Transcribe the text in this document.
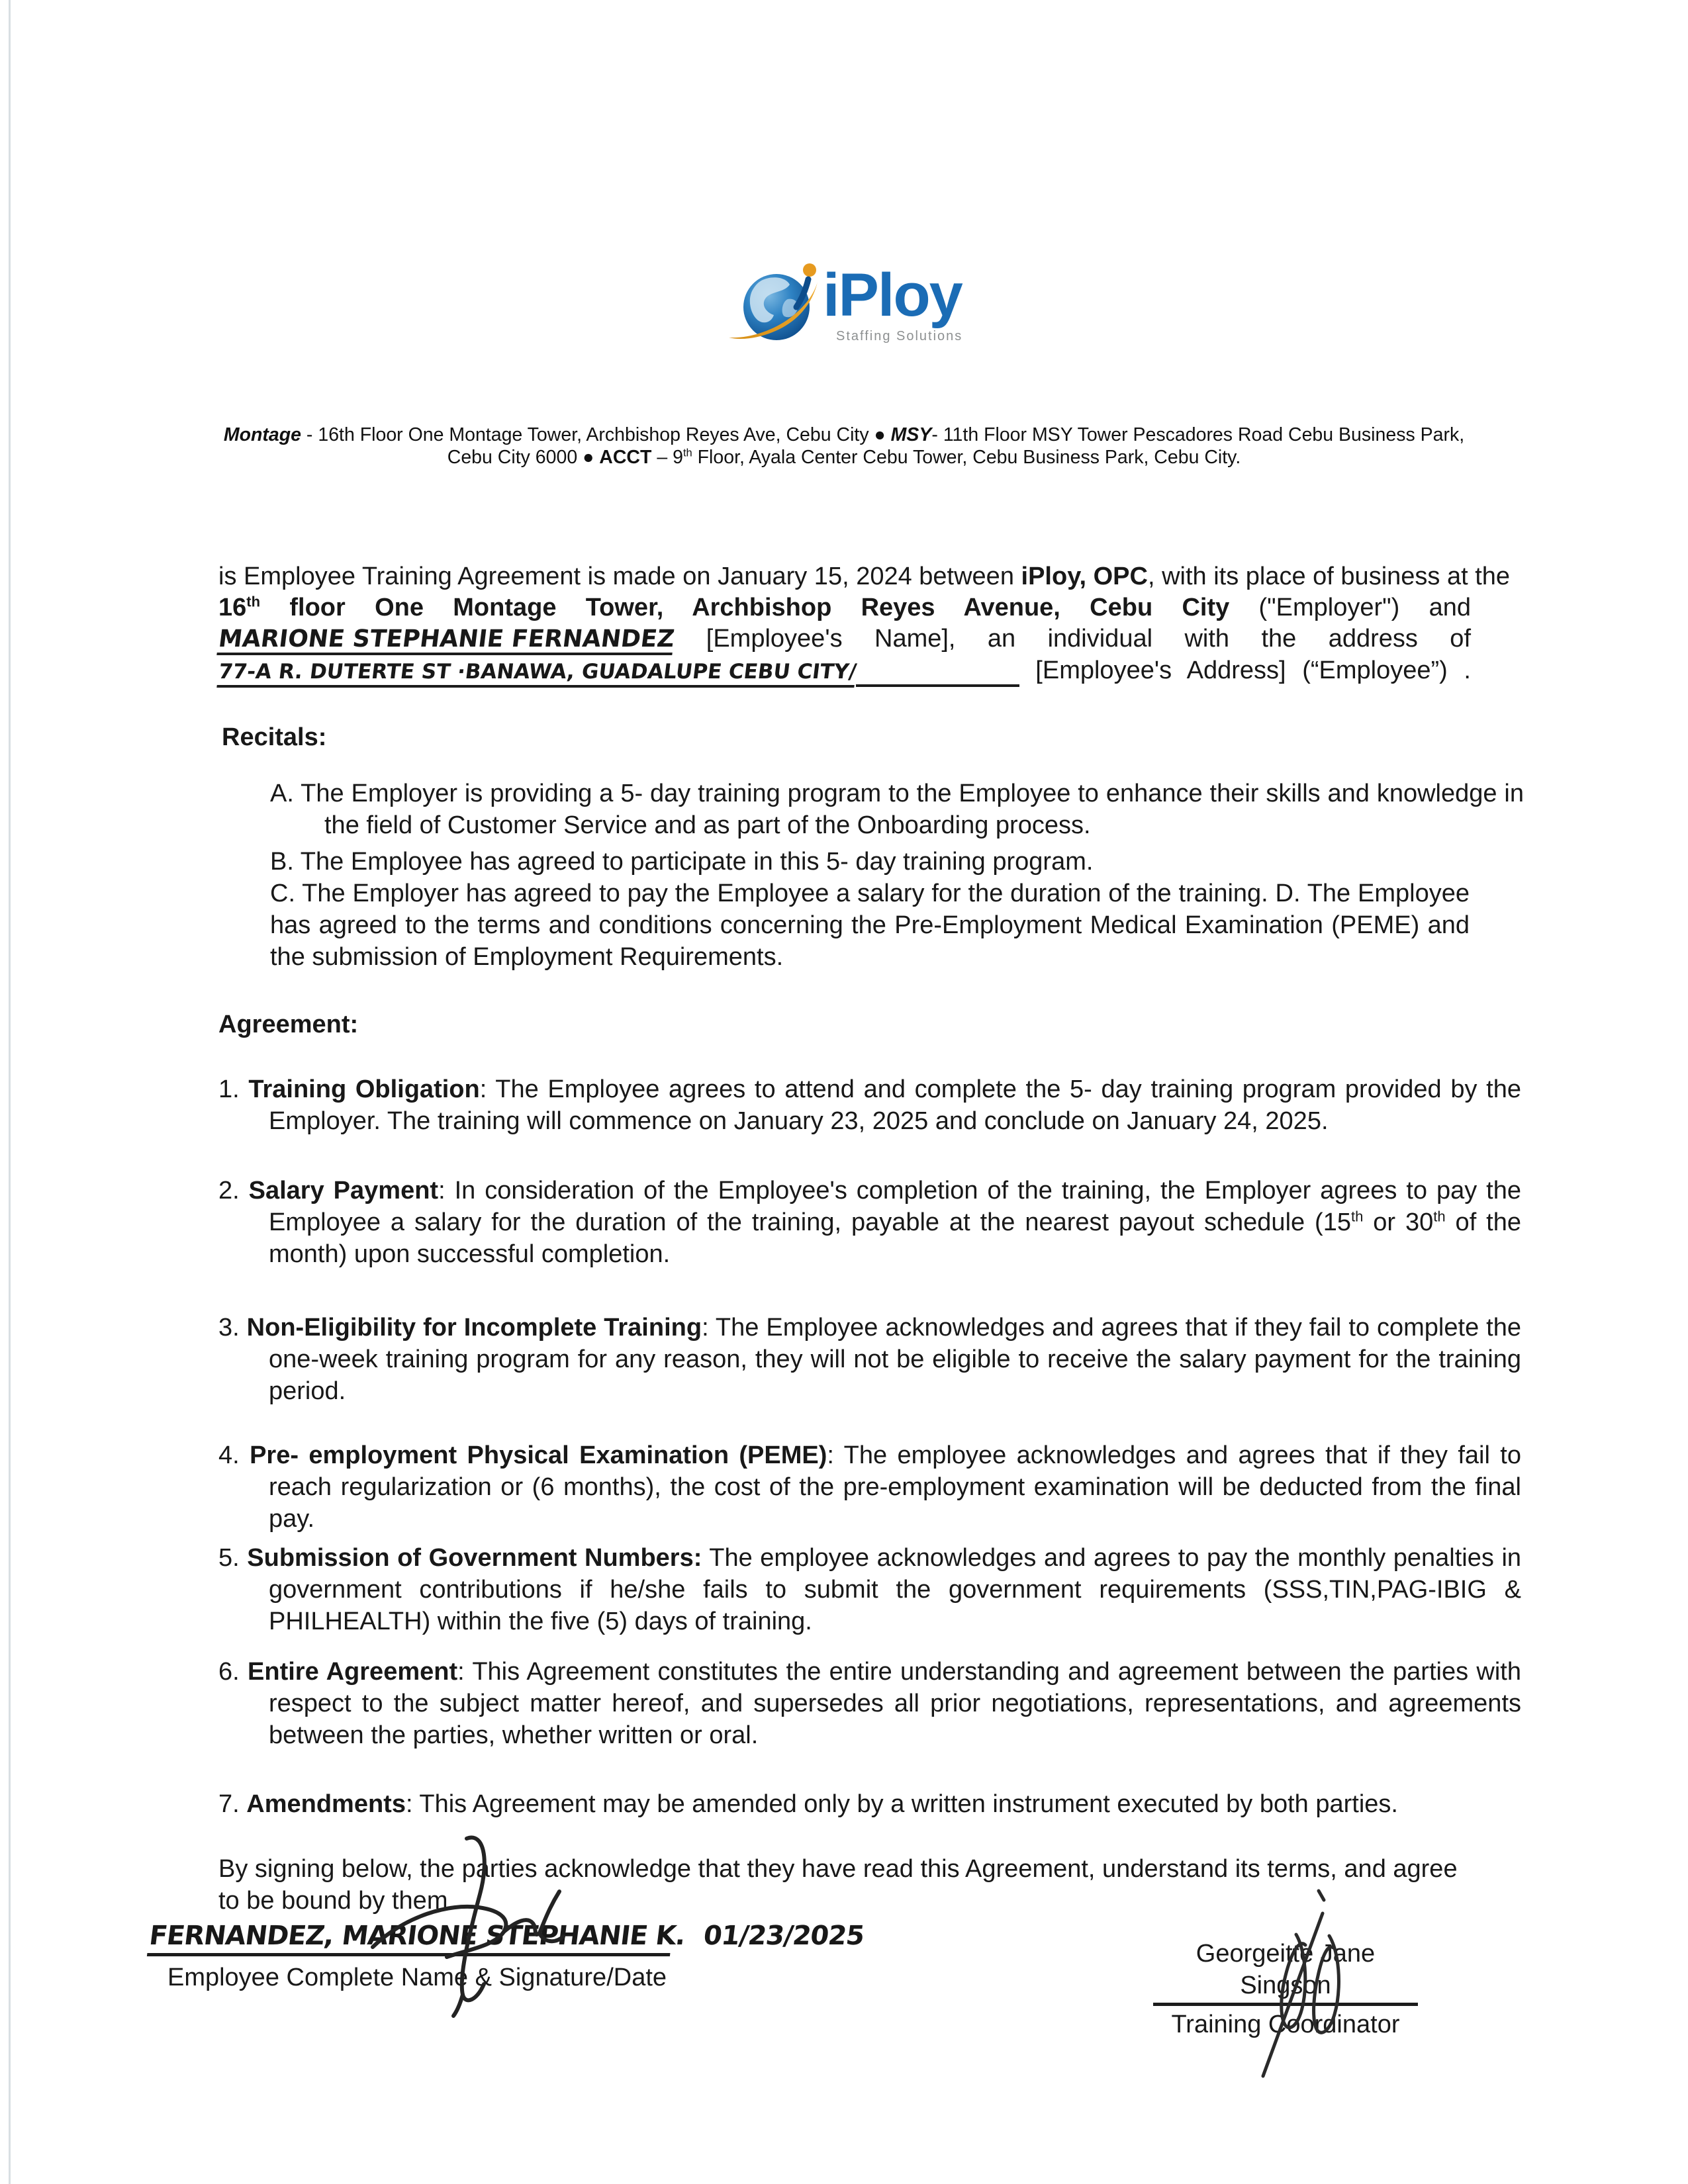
iPloy
Staffing Solutions
Montage - 16th Floor One Montage Tower, Archbishop Reyes Ave, Cebu City ● MSY- 11th Floor MSY Tower Pescadores Road Cebu Business Park, Cebu City 6000 ● ACCT – 9th Floor, Ayala Center Cebu Tower, Cebu Business Park, Cebu City.
is Employee Training Agreement is made on January 15, 2024 between iPloy, OPC, with its place of business at the
16th floor One Montage Tower, Archbishop Reyes Avenue, Cebu City ("Employer") and
MARIONE STEPHANIE FERNANDEZ [Employee's Name], an individual with the address of
77-A R. DUTERTE ST ·BANAWA, GUADALUPE CEBU CITY/	[Employee's Address] (“Employee”) .
Recitals:
A. The Employer is providing a 5- day training program to the Employee to enhance their skills and knowledge in the field of Customer Service and as part of the Onboarding process.
B. The Employee has agreed to participate in this 5- day training program.
C. The Employer has agreed to pay the Employee a salary for the duration of the training. D. The Employee has agreed to the terms and conditions concerning the Pre-Employment Medical Examination (PEME) and the submission of Employment Requirements.
Agreement:
1. Training Obligation: The Employee agrees to attend and complete the 5- day training program provided by the Employer. The training will commence on January 23, 2025 and conclude on January 24, 2025.
2. Salary Payment: In consideration of the Employee's completion of the training, the Employer agrees to pay the Employee a salary for the duration of the training, payable at the nearest payout schedule (15th or 30th of the month) upon successful completion.
3. Non-Eligibility for Incomplete Training: The Employee acknowledges and agrees that if they fail to complete the one-week training program for any reason, they will not be eligible to receive the salary payment for the training period.
4. Pre- employment Physical Examination (PEME): The employee acknowledges and agrees that if they fail to reach regularization or (6 months), the cost of the pre-employment examination will be deducted from the final pay.
5. Submission of Government Numbers: The employee acknowledges and agrees to pay the monthly penalties in government contributions if he/she fails to submit the government requirements (SSS,TIN,PAG-IBIG & PHILHEALTH) within the five (5) days of training.
6. Entire Agreement: This Agreement constitutes the entire understanding and agreement between the parties with respect to the subject matter hereof, and supersedes all prior negotiations, representations, and agreements between the parties, whether written or oral.
7. Amendments: This Agreement may be amended only by a written instrument executed by both parties.
By signing below, the parties acknowledge that they have read this Agreement, understand its terms, and agree to be bound by them.
FERNANDEZ, MARIONE STEPHANIE K. 01/23/2025
Employee Complete Name & Signature/Date
Georgeitte Jane Singson
Training Coordinator
